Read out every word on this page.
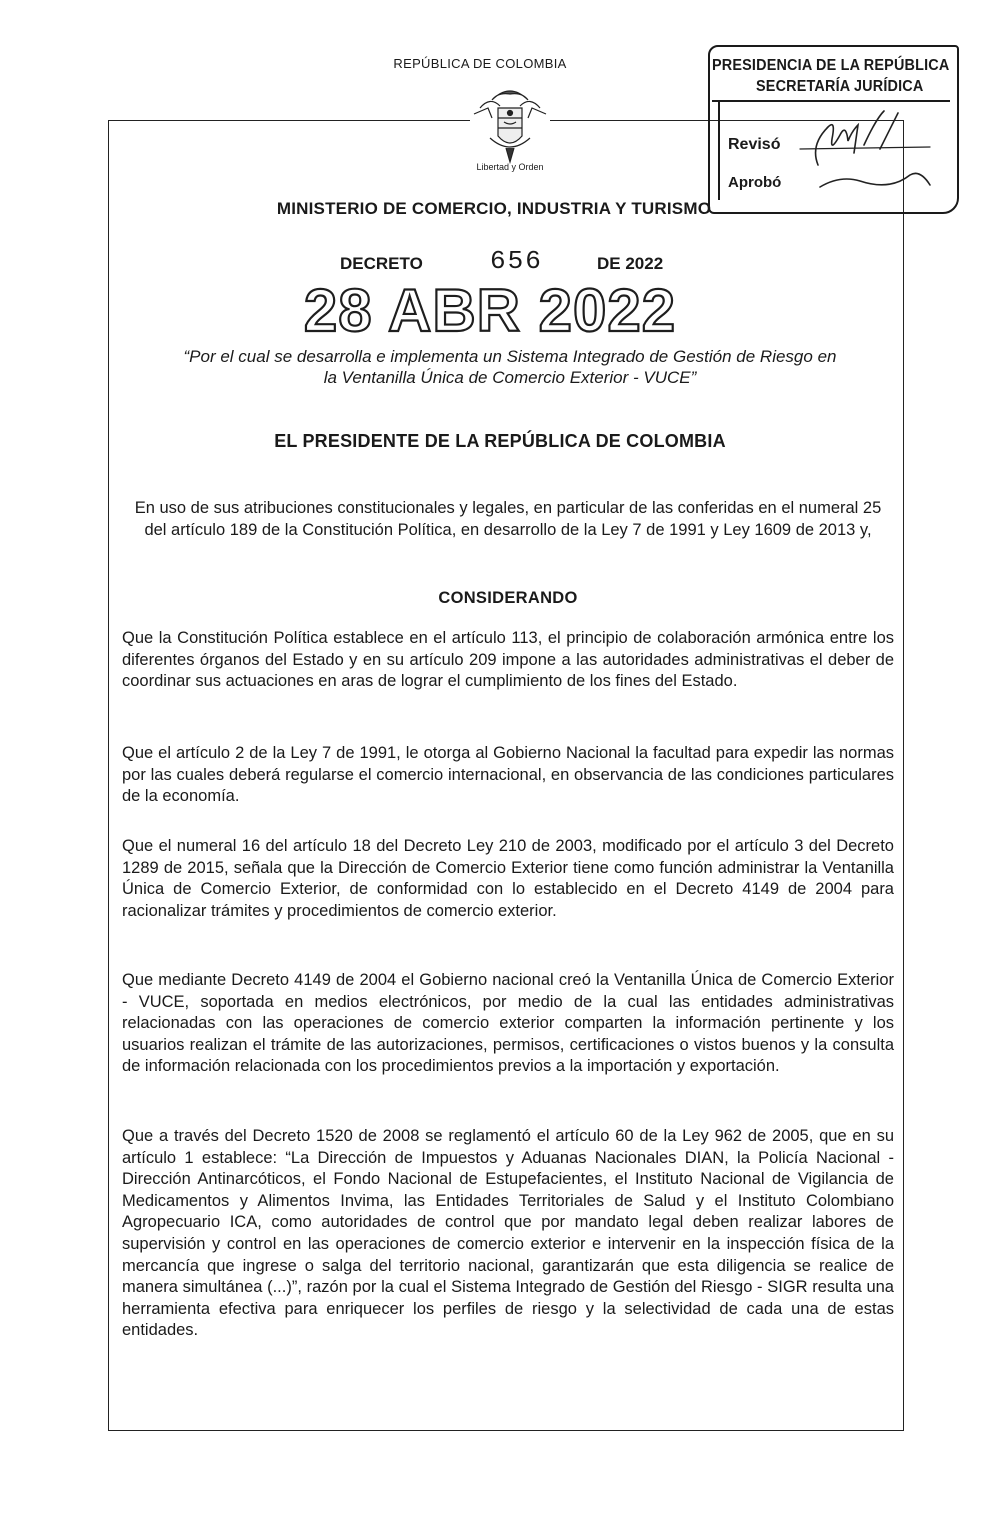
REPÚBLICA DE COLOMBIA
Libertad y Orden
MINISTERIO DE COMERCIO, INDUSTRIA Y TURISMO
PRESIDENCIA DE LA REPÚBLICA
SECRETARÍA JURÍDICA
Revisó
Aprobó
DECRETO	656	DE 2022
28 ABR 2022
“Por el cual se desarrolla e implementa un Sistema Integrado de Gestión de Riesgo en
la Ventanilla Única de Comercio Exterior - VUCE”
EL PRESIDENTE DE LA REPÚBLICA DE COLOMBIA
En uso de sus atribuciones constitucionales y legales, en particular de las conferidas en el numeral 25 del artículo 189 de la Constitución Política, en desarrollo de la Ley 7 de 1991 y Ley 1609 de 2013 y,
CONSIDERANDO
Que la Constitución Política establece en el artículo 113, el principio de colaboración armónica entre los diferentes órganos del Estado y en su artículo 209 impone a las autoridades administrativas el deber de coordinar sus actuaciones en aras de lograr el cumplimiento de los fines del Estado.
Que el artículo 2 de la Ley 7 de 1991, le otorga al Gobierno Nacional la facultad para expedir las normas por las cuales deberá regularse el comercio internacional, en observancia de las condiciones particulares de la economía.
Que el numeral 16 del artículo 18 del Decreto Ley 210 de 2003, modificado por el artículo 3 del Decreto 1289 de 2015, señala que la Dirección de Comercio Exterior tiene como función administrar la Ventanilla Única de Comercio Exterior, de conformidad con lo establecido en el Decreto 4149 de 2004 para racionalizar trámites y procedimientos de comercio exterior.
Que mediante Decreto 4149 de 2004 el Gobierno nacional creó la Ventanilla Única de Comercio Exterior - VUCE, soportada en medios electrónicos, por medio de la cual las entidades administrativas relacionadas con las operaciones de comercio exterior comparten la información pertinente y los usuarios realizan el trámite de las autorizaciones, permisos, certificaciones o vistos buenos y la consulta de información relacionada con los procedimientos previos a la importación y exportación.
Que a través del Decreto 1520 de 2008 se reglamentó el artículo 60 de la Ley 962 de 2005, que en su artículo 1 establece: “La Dirección de Impuestos y Aduanas Nacionales DIAN, la Policía Nacional - Dirección Antinarcóticos, el Fondo Nacional de Estupefacientes, el Instituto Nacional de Vigilancia de Medicamentos y Alimentos Invima, las Entidades Territoriales de Salud y el Instituto Colombiano Agropecuario ICA, como autoridades de control que por mandato legal deben realizar labores de supervisión y control en las operaciones de comercio exterior e intervenir en la inspección física de la mercancía que ingrese o salga del territorio nacional, garantizarán que esta diligencia se realice de manera simultánea (...)”, razón por la cual el Sistema Integrado de Gestión del Riesgo - SIGR resulta una herramienta efectiva para enriquecer los perfiles de riesgo y la selectividad de cada una de estas entidades.
